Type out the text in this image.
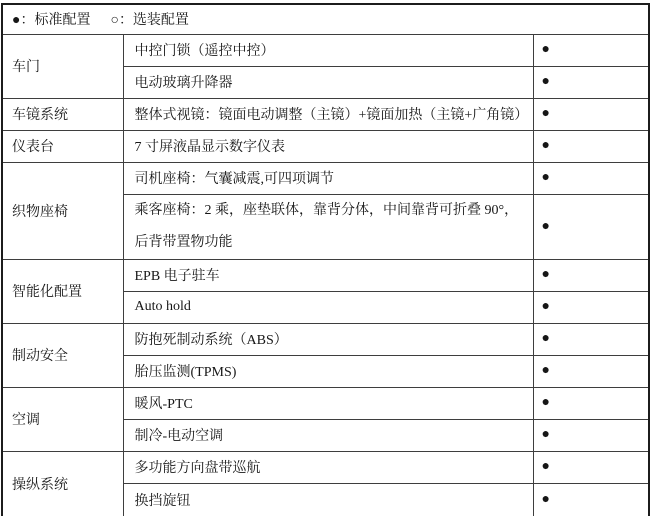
●：标准配置 ○：选装配置		
车门	中控门锁（遥控中控）	●
	电动玻璃升降器	●
车镜系统	整体式视镜：镜面电动调整（主镜）+镜面加热（主镜+广角镜）	●
仪表台	7 寸屏液晶显示数字仪表	●
织物座椅	司机座椅：气囊减震,可四项调节	●

	乘客座椅：2 乘，座垫联体，靠背分体，中间靠背可折叠 90°，
后背带置物功能	●
智能化配置	EPB 电子驻车	●
	Auto hold	●
制动安全	防抱死制动系统（ABS）	●
	胎压监测(TPMS)	●
空调	暖风-PTC	●
	制冷-电动空调	●
操纵系统	多功能方向盘带巡航	●
	换挡旋钮	●
